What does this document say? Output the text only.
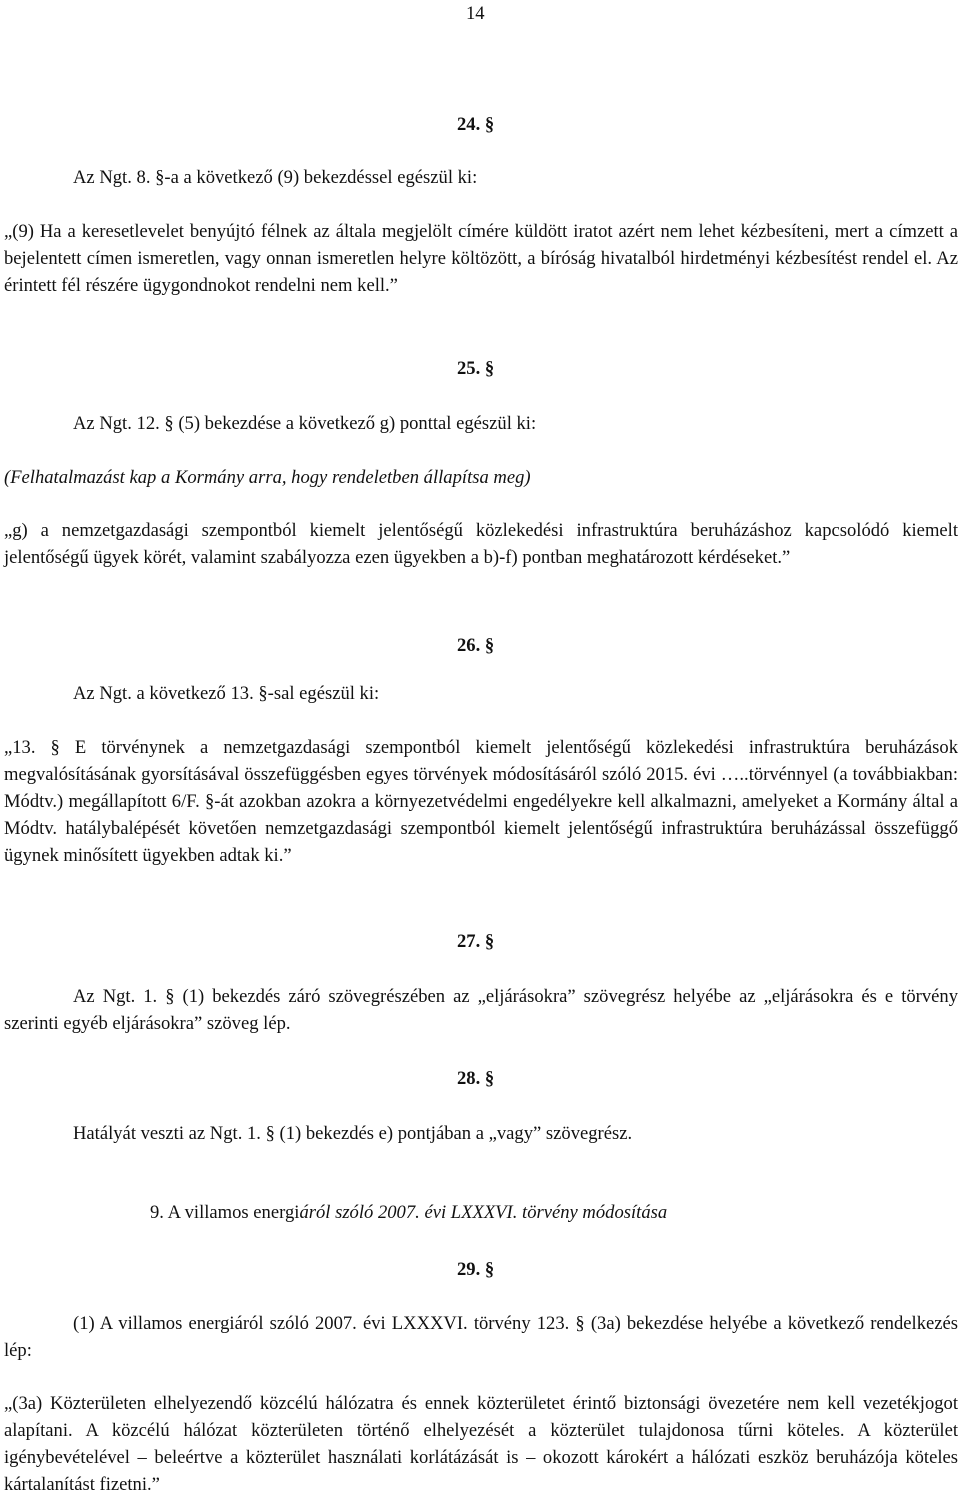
14
24. §
Az Ngt. 8. §-a a következő (9) bekezdéssel egészül ki:

„(9) Ha a keresetlevelet benyújtó félnek az általa megjelölt címére küldött iratot azért nem lehet kézbesíteni, mert a címzett a bejelentett címen ismeretlen, vagy onnan ismeretlen helyre költözött, a bíróság hivatalból hirdetményi kézbesítést rendel el. Az érintett fél részére ügygondnokot rendelni nem kell.”

25. §
Az Ngt. 12. § (5) bekezdése a következő g) ponttal egészül ki:
(Felhatalmazást kap a Kormány arra, hogy rendeletben állapítsa meg)

„g) a nemzetgazdasági szempontból kiemelt jelentőségű közlekedési infrastruktúra beruházáshoz kapcsolódó kiemelt jelentőségű ügyek körét, valamint szabályozza ezen ügyekben a b)-f) pontban meghatározott kérdéseket.”

26. §
Az Ngt. a következő 13. §-sal egészül ki:

„13. § E törvénynek a nemzetgazdasági szempontból kiemelt jelentőségű közlekedési infrastruktúra beruházások megvalósításának gyorsításával összefüggésben egyes törvények módosításáról szóló 2015. évi …..törvénnyel (a továbbiakban: Módtv.) megállapított 6/F. §-át azokban azokra a környezetvédelmi engedélyekre kell alkalmazni, amelyeket a Kormány által a Módtv. hatálybalépését követően nemzetgazdasági szempontból kiemelt jelentőségű infrastruktúra beruházással összefüggő ügynek minősített ügyekben adtak ki.”

27. §

Az Ngt. 1. § (1) bekezdés záró szövegrészében az „eljárásokra” szövegrész helyébe az „eljárásokra és e törvény szerinti egyéb eljárásokra” szöveg lép.

28. §
Hatályát veszti az Ngt. 1. § (1) bekezdés e) pontjában a „vagy” szövegrész.
9. A villamos energiáról szóló 2007. évi LXXXVI. törvény módosítása
29. §

(1) A villamos energiáról szóló 2007. évi LXXXVI. törvény 123. § (3a) bekezdése helyébe a következő rendelkezés lép:

„(3a) Közterületen elhelyezendő közcélú hálózatra és ennek közterületet érintő biztonsági övezetére nem kell vezetékjogot alapítani. A közcélú hálózat közterületen történő elhelyezését a közterület tulajdonosa tűrni köteles. A közterület igénybevételével – beleértve a közterület használati korlátázását is – okozott károkért a hálózati eszköz beruházója köteles kártalanítást fizetni.”
